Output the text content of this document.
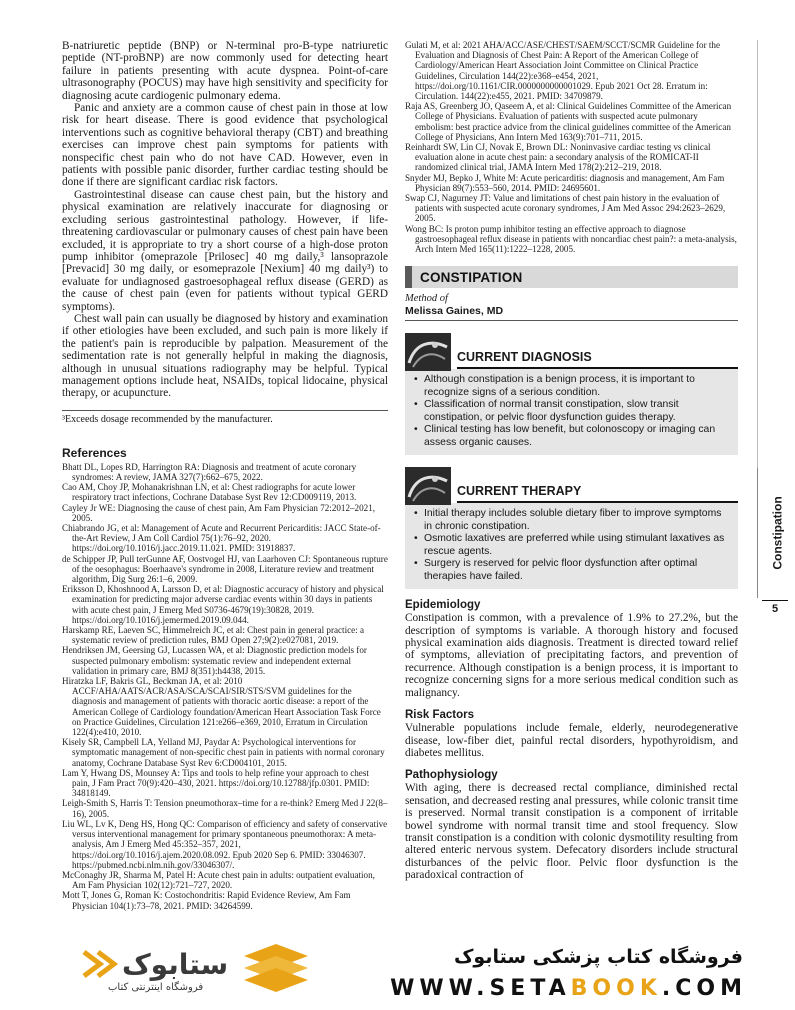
B-natriuretic peptide (BNP) or N-terminal pro-B-type natriuretic peptide (NT-proBNP) are now commonly used for detecting heart failure in patients presenting with acute dyspnea. Point-of-care ultrasonography (POCUS) may have high sensitivity and specificity for diagnosing acute cardiogenic pulmonary edema.

Panic and anxiety are a common cause of chest pain in those at low risk for heart disease. There is good evidence that psychological interventions such as cognitive behavioral therapy (CBT) and breathing exercises can improve chest pain symptoms for patients with nonspecific chest pain who do not have CAD. However, even in patients with possible panic disorder, further cardiac testing should be done if there are significant cardiac risk factors.

Gastrointestinal disease can cause chest pain, but the history and physical examination are relatively inaccurate for diagnosing or excluding serious gastrointestinal pathology. However, if life-threatening cardiovascular or pulmonary causes of chest pain have been excluded, it is appropriate to try a short course of a high-dose proton pump inhibitor (omeprazole [Prilosec] 40 mg daily,³ lansoprazole [Prevacid] 30 mg daily, or esomeprazole [Nexium] 40 mg daily³) to evaluate for undiagnosed gastroesophageal reflux disease (GERD) as the cause of chest pain (even for patients without typical GERD symptoms).

Chest wall pain can usually be diagnosed by history and examination if other etiologies have been excluded, and such pain is more likely if the patient's pain is reproducible by palpation. Measurement of the sedimentation rate is not generally helpful in making the diagnosis, although in unusual situations radiography may be helpful. Typical management options include heat, NSAIDs, topical lidocaine, physical therapy, or acupuncture.

³Exceeds dosage recommended by the manufacturer.

References

Bhatt DL, Lopes RD, Harrington RA: Diagnosis and treatment of acute coronary syndromes: A review, JAMA 327(7):662–675, 2022.

Cao AM, Choy JP, Mohanakrishnan LN, et al: Chest radiographs for acute lower respiratory tract infections, Cochrane Database Syst Rev 12:CD009119, 2013.

Cayley Jr WE: Diagnosing the cause of chest pain, Am Fam Physician 72:2012–2021, 2005.

Chiabrando JG, et al: Management of Acute and Recurrent Pericarditis: JACC State-of-the-Art Review, J Am Coll Cardiol 75(1):76–92, 2020. https://doi.org/10.1016/j.jacc.2019.11.021. PMID: 31918837.

de Schipper JP, Pull terGunne AF, Oostvogel HJ, van Laarhoven CJ: Spontaneous rupture of the oesophagus: Boerhaave's syndrome in 2008, Literature review and treatment algorithm, Dig Surg 26:1–6, 2009.

Eriksson D, Khoshnood A, Larsson D, et al: Diagnostic accuracy of history and physical examination for predicting major adverse cardiac events within 30 days in patients with acute chest pain, J Emerg Med S0736-4679(19):30828, 2019. https://doi.org/10.1016/j.jemermed.2019.09.044.

Harskamp RE, Laeven SC, Himmelreich JC, et al: Chest pain in general practice: a systematic review of prediction rules, BMJ Open 27;9(2):e027081, 2019.

Hendriksen JM, Geersing GJ, Lucassen WA, et al: Diagnostic prediction models for suspected pulmonary embolism: systematic review and independent external validation in primary care, BMJ 8(351):h4438, 2015.

Hiratzka LF, Bakris GL, Beckman JA, et al: 2010 ACCF/AHA/AATS/ACR/ASA/SCA/SCAI/SIR/STS/SVM guidelines for the diagnosis and management of patients with thoracic aortic disease: a report of the American College of Cardiology foundation/American Heart Association Task Force on Practice Guidelines, Circulation 121:e266–e369, 2010, Erratum in Circulation 122(4):e410, 2010.

Kisely SR, Campbell LA, Yelland MJ, Paydar A: Psychological interventions for symptomatic management of non-specific chest pain in patients with normal coronary anatomy, Cochrane Database Syst Rev 6:CD004101, 2015.

Lam Y, Hwang DS, Mounsey A: Tips and tools to help refine your approach to chest pain, J Fam Pract 70(9):420–430, 2021. https://doi.org/10.12788/jfp.0301. PMID: 34818149.

Leigh-Smith S, Harris T: Tension pneumothorax–time for a re-think? Emerg Med J 22(8–16), 2005.

Liu WL, Lv K, Deng HS, Hong QC: Comparison of efficiency and safety of conservative versus interventional management for primary spontaneous pneumothorax: A meta-analysis, Am J Emerg Med 45:352–357, 2021, https://doi.org/10.1016/j.ajem.2020.08.092. Epub 2020 Sep 6. PMID: 33046307. https://pubmed.ncbi.nlm.nih.gov/33046307/.

McConaghy JR, Sharma M, Patel H: Acute chest pain in adults: outpatient evaluation, Am Fam Physician 102(12):721–727, 2020.

Mott T, Jones G, Roman K: Costochondritis: Rapid Evidence Review, Am Fam Physician 104(1):73–78, 2021. PMID: 34264599.

Gulati M, et al: 2021 AHA/ACC/ASE/CHEST/SAEM/SCCT/SCMR Guideline for the Evaluation and Diagnosis of Chest Pain: A Report of the American College of Cardiology/American Heart Association Joint Committee on Clinical Practice Guidelines, Circulation 144(22):e368–e454, 2021, https://doi.org/10.1161/CIR.0000000000001029. Epub 2021 Oct 28. Erratum in: Circulation. 144(22):e455, 2021. PMID: 34709879.

Raja AS, Greenberg JO, Qaseem A, et al: Clinical Guidelines Committee of the American College of Physicians. Evaluation of patients with suspected acute pulmonary embolism: best practice advice from the clinical guidelines committee of the American College of Physicians, Ann Intern Med 163(9):701–711, 2015.

Reinhardt SW, Lin CJ, Novak E, Brown DL: Noninvasive cardiac testing vs clinical evaluation alone in acute chest pain: a secondary analysis of the ROMICAT-II randomized clinical trial, JAMA Intern Med 178(2):212–219, 2018.

Snyder MJ, Bepko J, White M: Acute pericarditis: diagnosis and management, Am Fam Physician 89(7):553–560, 2014. PMID: 24695601.

Swap CJ, Nagurney JT: Value and limitations of chest pain history in the evaluation of patients with suspected acute coronary syndromes, J Am Med Assoc 294:2623–2629, 2005.

Wong BC: Is proton pump inhibitor testing an effective approach to diagnose gastroesophageal reflux disease in patients with noncardiac chest pain?: a meta-analysis, Arch Intern Med 165(11):1222–1228, 2005.

CONSTIPATION

Method of

Melissa Gaines, MD

CURRENT DIAGNOSIS
• Although constipation is a benign process, it is important to recognize signs of a serious condition.
• Classification of normal transit constipation, slow transit constipation, or pelvic floor dysfunction guides therapy.
• Clinical testing has low benefit, but colonoscopy or imaging can assess organic causes.
CURRENT THERAPY
• Initial therapy includes soluble dietary fiber to improve symptoms in chronic constipation.
• Osmotic laxatives are preferred while using stimulant laxatives as rescue agents.
• Surgery is reserved for pelvic floor dysfunction after optimal therapies have failed.
Epidemiology

Constipation is common, with a prevalence of 1.9% to 27.2%, but the description of symptoms is variable. A thorough history and focused physical examination aids diagnosis. Treatment is directed toward relief of symptoms, alleviation of precipitating factors, and prevention of recurrence. Although constipation is a benign process, it is important to recognize concerning signs for a more serious medical condition such as malignancy.

Risk Factors

Vulnerable populations include female, elderly, neurodegenerative disease, low-fiber diet, painful rectal disorders, hypothyroidism, and diabetes mellitus.

Pathophysiology

With aging, there is decreased rectal compliance, diminished rectal sensation, and decreased resting anal pressures, while colonic transit time is preserved. Normal transit constipation is a component of irritable bowel syndrome with normal transit time and stool frequency. Slow transit constipation is a condition with colonic dysmotility resulting from altered enteric nervous system. Defecatory disorders include structural disturbances of the pelvic floor. Pelvic floor dysfunction is the paradoxical contraction of

Constipation
5
ستابوک
فروشگاه اینترنتی کتاب
فروشگاه کتاب پزشکی ستابوک
WWW.SETABOOK.COM
